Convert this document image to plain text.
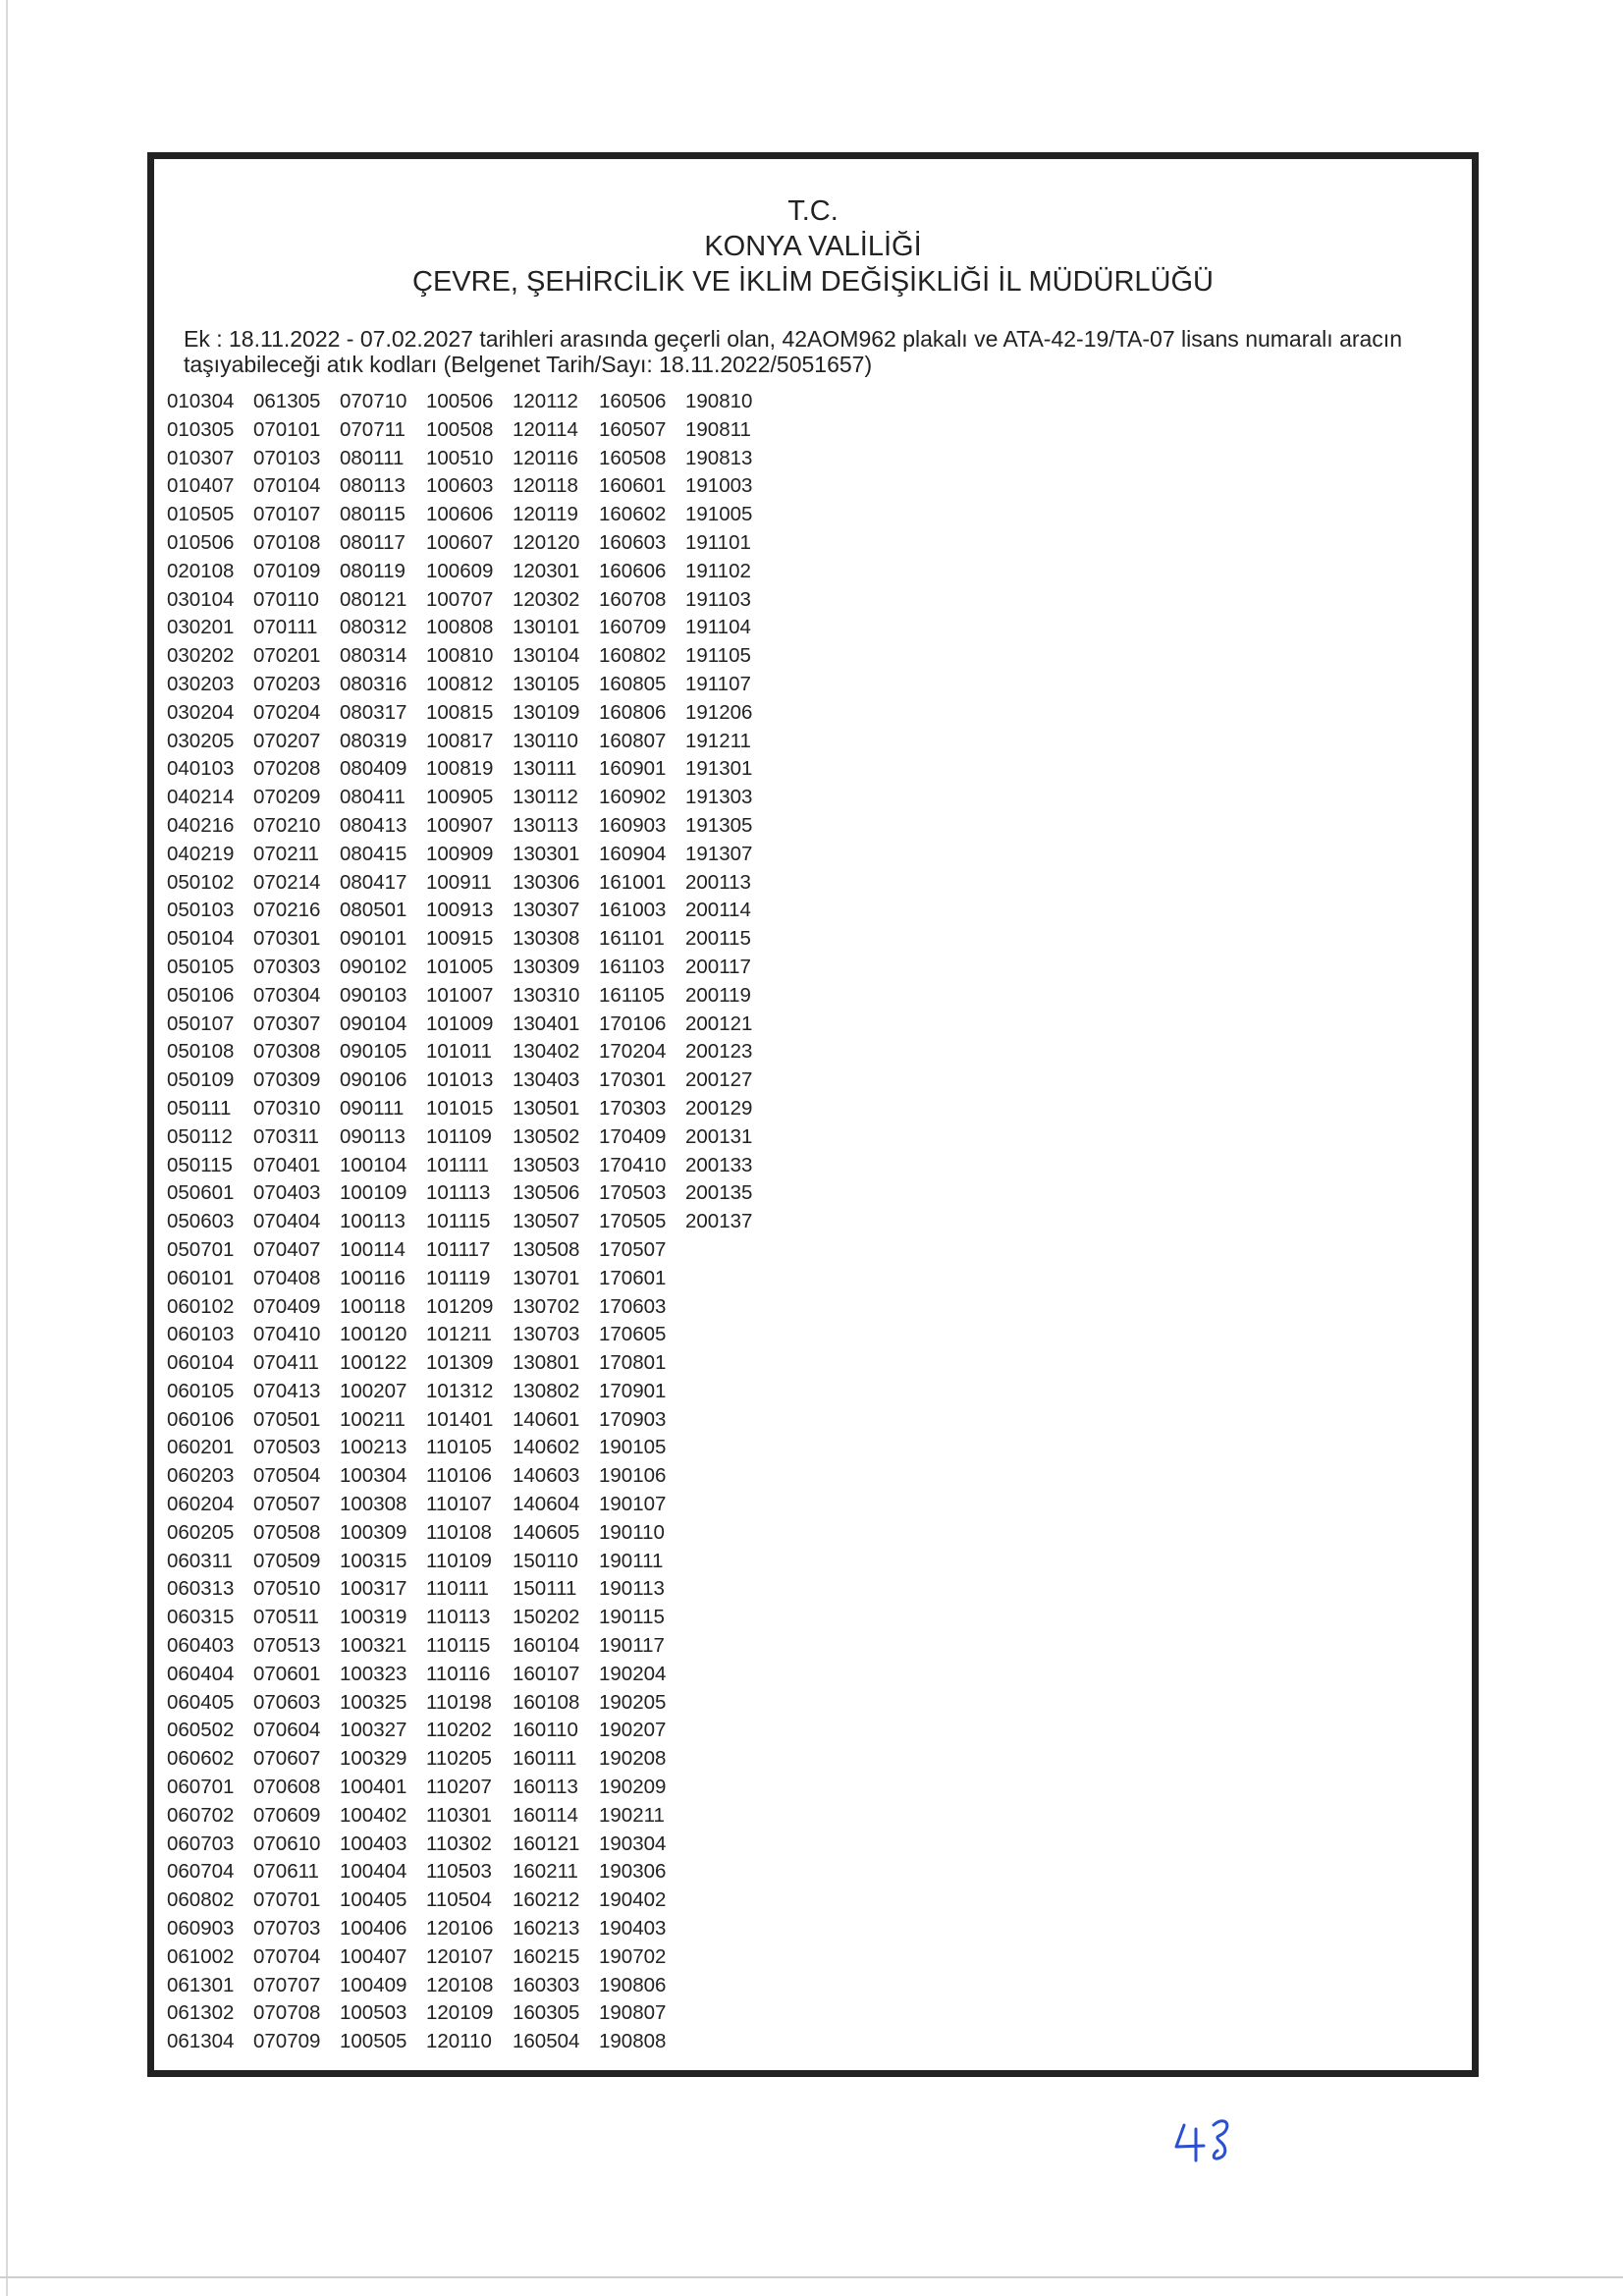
T.C.
KONYA VALİLİĞİ
ÇEVRE, ŞEHİRCİLİK VE İKLİM DEĞİŞİKLİĞİ İL MÜDÜRLÜĞÜ
Ek : 18.11.2022 - 07.02.2027 tarihleri arasında geçerli olan, 42AOM962 plakalı ve ATA-42-19/TA-07 lisans numaralı aracın
taşıyabileceği atık kodları (Belgenet Tarih/Sayı: 18.11.2022/5051657)
010304 061305 070710 100506 120112 160506 190810
010305 070101 070711 100508 120114 160507 190811
010307 070103 080111 100510 120116 160508 190813
010407 070104 080113 100603 120118 160601 191003
010505 070107 080115 100606 120119 160602 191005
010506 070108 080117 100607 120120 160603 191101
020108 070109 080119 100609 120301 160606 191102
030104 070110 080121 100707 120302 160708 191103
030201 070111 080312 100808 130101 160709 191104
030202 070201 080314 100810 130104 160802 191105
030203 070203 080316 100812 130105 160805 191107
030204 070204 080317 100815 130109 160806 191206
030205 070207 080319 100817 130110 160807 191211
040103 070208 080409 100819 130111 160901 191301
040214 070209 080411 100905 130112 160902 191303
040216 070210 080413 100907 130113 160903 191305
040219 070211 080415 100909 130301 160904 191307
050102 070214 080417 100911 130306 161001 200113
050103 070216 080501 100913 130307 161003 200114
050104 070301 090101 100915 130308 161101 200115
050105 070303 090102 101005 130309 161103 200117
050106 070304 090103 101007 130310 161105 200119
050107 070307 090104 101009 130401 170106 200121
050108 070308 090105 101011 130402 170204 200123
050109 070309 090106 101013 130403 170301 200127
050111 070310 090111 101015 130501 170303 200129
050112 070311 090113 101109 130502 170409 200131
050115 070401 100104 101111 130503 170410 200133
050601 070403 100109 101113 130506 170503 200135
050603 070404 100113 101115 130507 170505 200137
050701 070407 100114 101117 130508 170507
060101 070408 100116 101119 130701 170601
060102 070409 100118 101209 130702 170603
060103 070410 100120 101211 130703 170605
060104 070411 100122 101309 130801 170801
060105 070413 100207 101312 130802 170901
060106 070501 100211 101401 140601 170903
060201 070503 100213 110105 140602 190105
060203 070504 100304 110106 140603 190106
060204 070507 100308 110107 140604 190107
060205 070508 100309 110108 140605 190110
060311 070509 100315 110109 150110 190111
060313 070510 100317 110111 150111 190113
060315 070511 100319 110113 150202 190115
060403 070513 100321 110115 160104 190117
060404 070601 100323 110116 160107 190204
060405 070603 100325 110198 160108 190205
060502 070604 100327 110202 160110 190207
060602 070607 100329 110205 160111 190208
060701 070608 100401 110207 160113 190209
060702 070609 100402 110301 160114 190211
060703 070610 100403 110302 160121 190304
060704 070611 100404 110503 160211 190306
060802 070701 100405 110504 160212 190402
060903 070703 100406 120106 160213 190403
061002 070704 100407 120107 160215 190702
061301 070707 100409 120108 160303 190806
061302 070708 100503 120109 160305 190807
061304 070709 100505 120110 160504 190808
